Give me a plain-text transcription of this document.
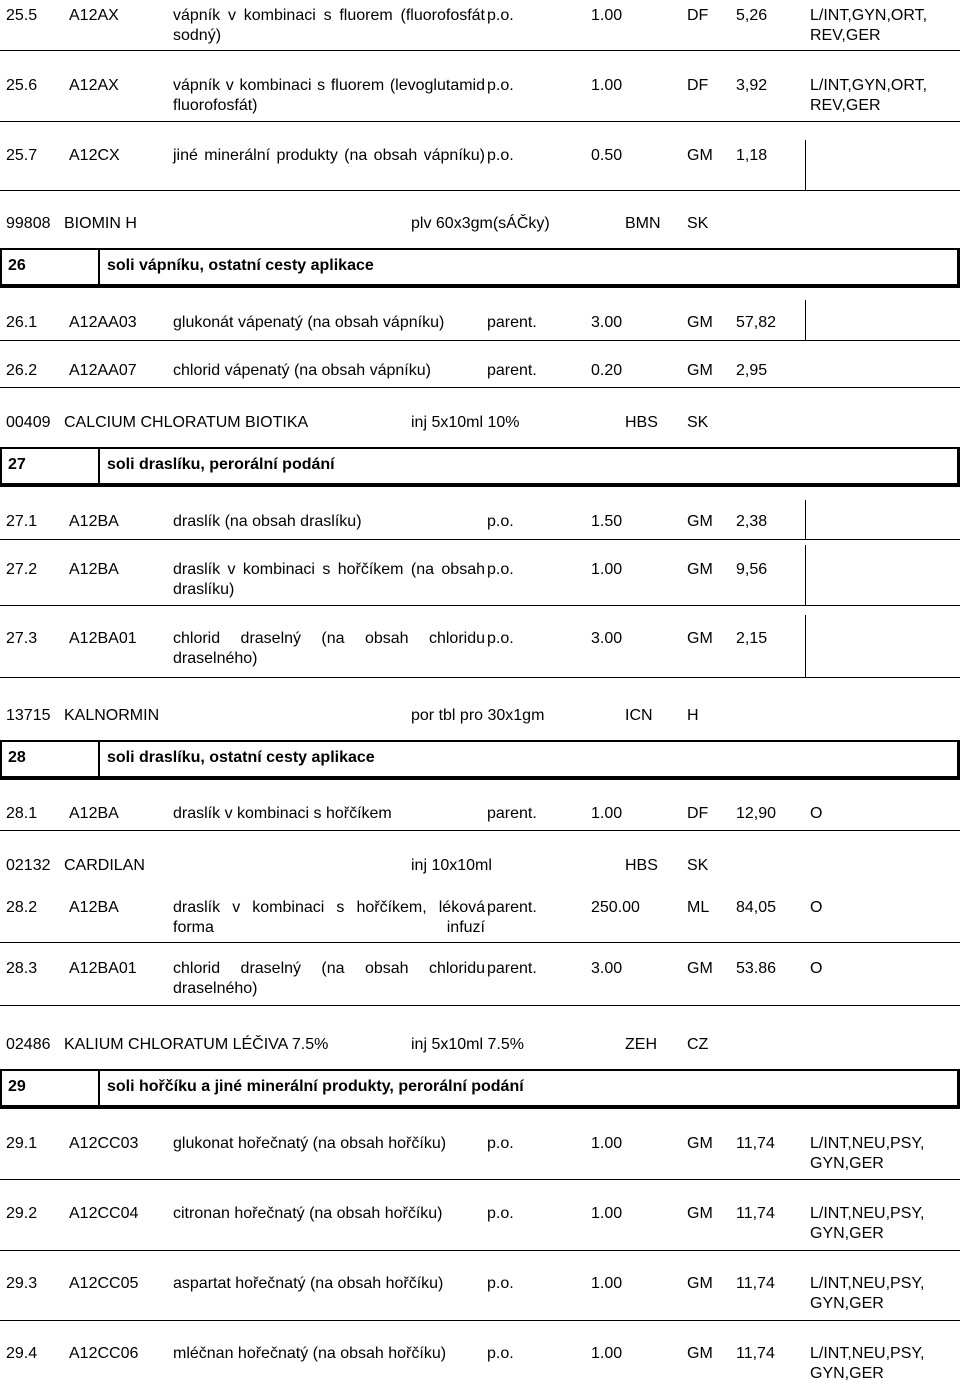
25.5 A12AX	vápník v kombinaci s fluorem (fluorofosfát sodný)
p.o.	1.00	DF 5,26	L/INT,GYN,ORT,
REV,GER
25.6 A12AX	vápník v kombinaci s fluorem (levoglutamid fluorofosfát)
p.o.	1.00	DF 3,92	L/INT,GYN,ORT,
REV,GER
25.7 A12CX	jiné minerální produkty (na obsah vápníku) p.o.	0.50	GM 1,18
99808 BIOMIN H	plv 60x3gm(sÁČky)	BMN SK
26	soli vápníku, ostatní cesty aplikace
26.1 A12AA03 glukonát vápenatý (na obsah vápníku)	parent.	3.00	GM 57,82
26.2 A12AA07 chlorid vápenatý (na obsah vápníku)	parent.	0.20	GM 2,95
00409 CALCIUM CHLORATUM BIOTIKA	inj 5x10ml 10%	HBS SK
27	soli draslíku, perorální podání
27.1 A12BA	draslík (na obsah draslíku)	p.o.	1.50	GM 2,38
27.2 A12BA	draslík v kombinaci s hořčíkem (na obsah draslíku)
p.o.	1.00	GM 9,56
27.3 A12BA01 chlorid draselný (na obsah chloridu draselného)
p.o.	3.00	GM 2,15
13715 KALNORMIN	por tbl pro 30x1gm	ICN H
28	soli draslíku, ostatní cesty aplikace
28.1 A12BA	draslík v kombinaci s hořčíkem	parent.	1.00	DF 12,90 O
02132 CARDILAN	inj 10x10ml	HBS SK
28.2 A12BA	draslík v kombinaci s hořčíkem, léková forma infuzí
parent.	250.00	ML 84,05 O
28.3 A12BA01 chlorid draselný (na obsah chloridu draselného)
parent.	3.00	GM 53.86 O
02486 KALIUM CHLORATUM LÉČIVA 7.5%	inj 5x10ml 7.5%	ZEH CZ
29	soli hořčíku a jiné minerální produkty, perorální podání
29.1 A12CC03 glukonat hořečnatý (na obsah hořčíku)	p.o.	1.00	GM 11,74 L/INT,NEU,PSY,
GYN,GER
29.2 A12CC04 citronan hořečnatý (na obsah hořčíku)	p.o.	1.00	GM 11,74 L/INT,NEU,PSY,
GYN,GER
29.3 A12CC05 aspartat hořečnatý (na obsah hořčíku)	p.o.	1.00	GM 11,74 L/INT,NEU,PSY,
GYN,GER
29.4 A12CC06 mléčnan hořečnatý (na obsah hořčíku)	p.o.	1.00	GM 11,74 L/INT,NEU,PSY,
GYN,GER
